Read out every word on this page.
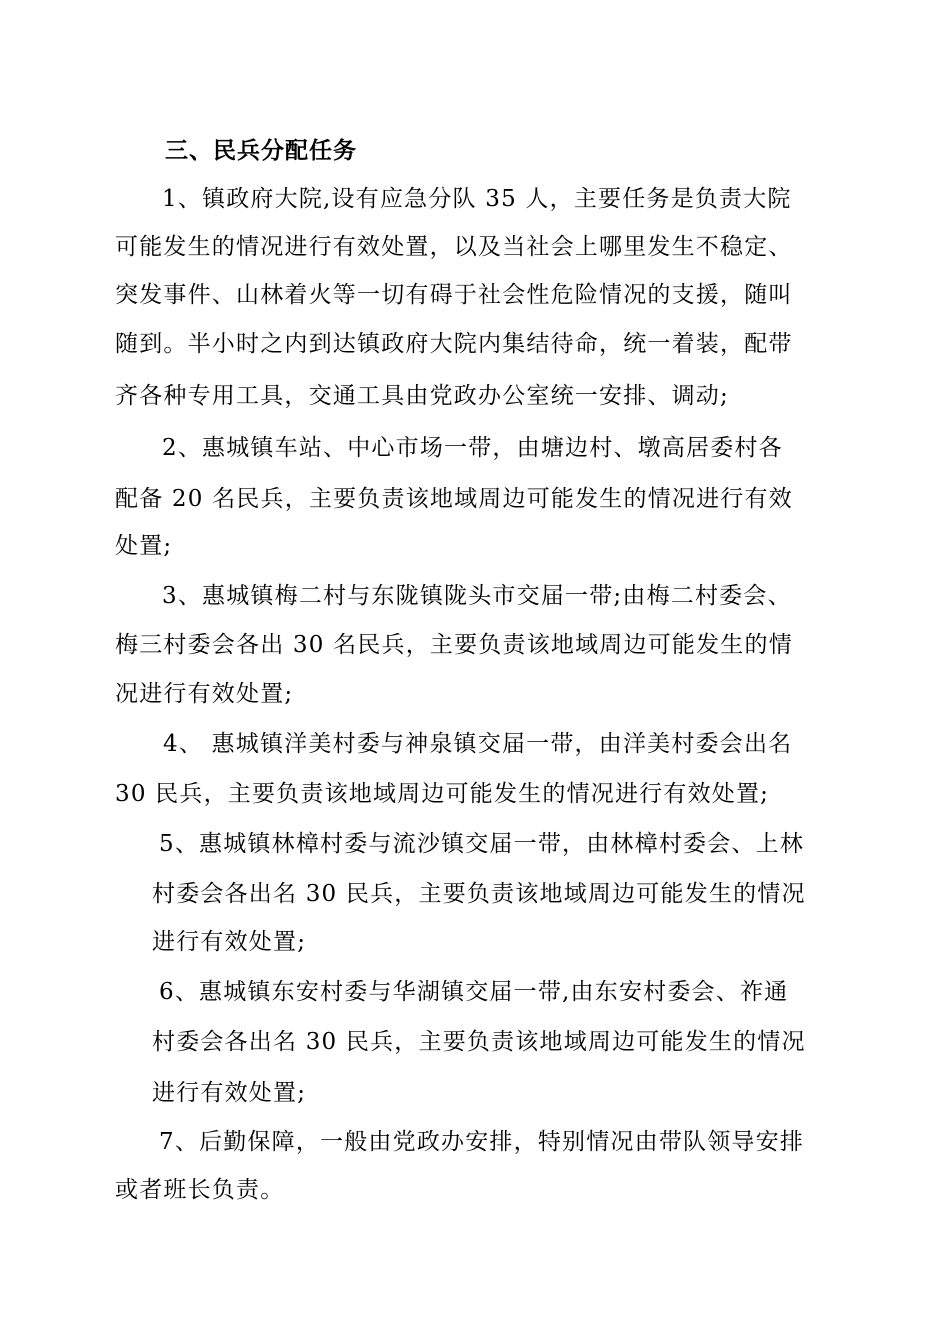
三、民兵分配任务
1、镇政府大院,设有应急分队 35 人，主要任务是负责大院
可能发生的情况进行有效处置，以及当社会上哪里发生不稳定、
突发事件、山林着火等一切有碍于社会性危险情况的支援，随叫
随到。半小时之内到达镇政府大院内集结待命，统一着装，配带
齐各种专用工具，交通工具由党政办公室统一安排、调动;
2、惠城镇车站、中心市场一带，由塘边村、墩高居委村各
配备 20 名民兵，主要负责该地域周边可能发生的情况进行有效
处置;
3、惠城镇梅二村与东陇镇陇头市交届一带;由梅二村委会、
梅三村委会各出 30 名民兵，主要负责该地域周边可能发生的情
况进行有效处置;
4、 惠城镇洋美村委与神泉镇交届一带，由洋美村委会出名
30 民兵，主要负责该地域周边可能发生的情况进行有效处置;
5、惠城镇林樟村委与流沙镇交届一带，由林樟村委会、上林
村委会各出名 30 民兵，主要负责该地域周边可能发生的情况
进行有效处置;
6、惠城镇东安村委与华湖镇交届一带,由东安村委会、祚通
村委会各出名 30 民兵，主要负责该地域周边可能发生的情况
进行有效处置;
7、后勤保障，一般由党政办安排，特别情况由带队领导安排
或者班长负责。
